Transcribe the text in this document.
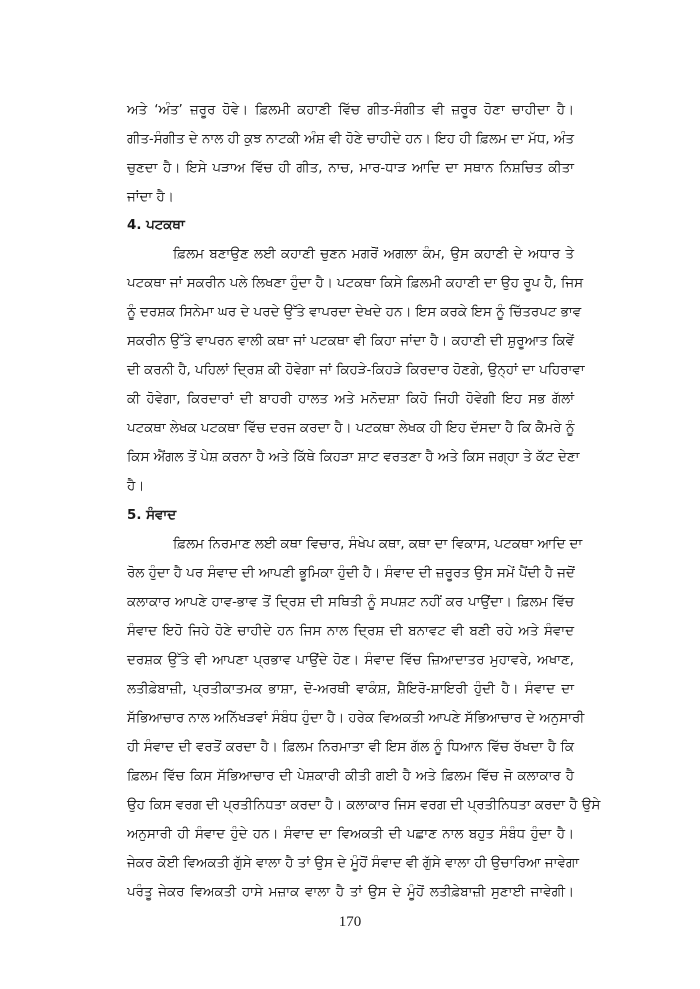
ਅਤੇ ‘ਅੰਤ’ ਜ਼ਰੂਰ ਹੋਵੇ। ਫ਼ਿਲਮੀ ਕਹਾਣੀ ਵਿੱਚ ਗੀਤ-ਸੰਗੀਤ ਵੀ ਜ਼ਰੂਰ ਹੋਣਾ ਚਾਹੀਦਾ ਹੈ।
ਗੀਤ-ਸੰਗੀਤ ਦੇ ਨਾਲ ਹੀ ਕੁਝ ਨਾਟਕੀ ਅੰਸ਼ ਵੀ ਹੋਣੇ ਚਾਹੀਦੇ ਹਨ। ਇਹ ਹੀ ਫ਼ਿਲਮ ਦਾ ਮੱਧ, ਅੰਤ
ਚੁਣਦਾ ਹੈ। ਇਸੇ ਪੜਾਅ ਵਿੱਚ ਹੀ ਗੀਤ, ਨਾਚ, ਮਾਰ-ਧਾੜ ਆਦਿ ਦਾ ਸਥਾਨ ਨਿਸ਼ਚਿਤ ਕੀਤਾ
ਜਾਂਦਾ ਹੈ।
4. ਪਟਕਥਾ
ਫ਼ਿਲਮ ਬਣਾਉਣ ਲਈ ਕਹਾਣੀ ਚੁਣਨ ਮਗਰੋਂ ਅਗਲਾ ਕੰਮ, ਉਸ ਕਹਾਣੀ ਦੇ ਅਧਾਰ ਤੇ
ਪਟਕਥਾ ਜਾਂ ਸਕਰੀਨ ਪਲੇ ਲਿਖਣਾ ਹੁੰਦਾ ਹੈ। ਪਟਕਥਾ ਕਿਸੇ ਫ਼ਿਲਮੀ ਕਹਾਣੀ ਦਾ ਉਹ ਰੂਪ ਹੈ, ਜਿਸ
ਨੂੰ ਦਰਸ਼ਕ ਸਿਨੇਮਾ ਘਰ ਦੇ ਪਰਦੇ ਉੱਤੇ ਵਾਪਰਦਾ ਦੇਖਦੇ ਹਨ। ਇਸ ਕਰਕੇ ਇਸ ਨੂੰ ਚਿੱਤਰਪਟ ਭਾਵ
ਸਕਰੀਨ ਉੱਤੇ ਵਾਪਰਨ ਵਾਲੀ ਕਥਾ ਜਾਂ ਪਟਕਥਾ ਵੀ ਕਿਹਾ ਜਾਂਦਾ ਹੈ। ਕਹਾਣੀ ਦੀ ਸ਼ੁਰੂਆਤ ਕਿਵੇਂ
ਦੀ ਕਰਨੀ ਹੈ, ਪਹਿਲਾਂ ਦ੍ਰਿਸ਼ ਕੀ ਹੋਵੇਗਾ ਜਾਂ ਕਿਹੜੇ-ਕਿਹੜੇ ਕਿਰਦਾਰ ਹੋਣਗੇ, ਉਨ੍ਹਾਂ ਦਾ ਪਹਿਰਾਵਾ
ਕੀ ਹੋਵੇਗਾ, ਕਿਰਦਾਰਾਂ ਦੀ ਬਾਹਰੀ ਹਾਲਤ ਅਤੇ ਮਨੋਦਸ਼ਾ ਕਿਹੋ ਜਿਹੀ ਹੋਵੇਗੀ ਇਹ ਸਭ ਗੱਲਾਂ
ਪਟਕਥਾ ਲੇਖਕ ਪਟਕਥਾ ਵਿੱਚ ਦਰਜ ਕਰਦਾ ਹੈ। ਪਟਕਥਾ ਲੇਖਕ ਹੀ ਇਹ ਦੱਸਦਾ ਹੈ ਕਿ ਕੈਮਰੇ ਨੂੰ
ਕਿਸ ਐਂਗਲ ਤੋਂ ਪੇਸ਼ ਕਰਨਾ ਹੈ ਅਤੇ ਕਿੱਥੇ ਕਿਹੜਾ ਸ਼ਾਟ ਵਰਤਣਾ ਹੈ ਅਤੇ ਕਿਸ ਜਗ੍ਹਾ ਤੇ ਕੱਟ ਦੇਣਾ
ਹੈ।
5. ਸੰਵਾਦ
ਫ਼ਿਲਮ ਨਿਰਮਾਣ ਲਈ ਕਥਾ ਵਿਚਾਰ, ਸੰਖੇਪ ਕਥਾ, ਕਥਾ ਦਾ ਵਿਕਾਸ, ਪਟਕਥਾ ਆਦਿ ਦਾ
ਰੋਲ ਹੁੰਦਾ ਹੈ ਪਰ ਸੰਵਾਦ ਦੀ ਆਪਣੀ ਭੂਮਿਕਾ ਹੁੰਦੀ ਹੈ। ਸੰਵਾਦ ਦੀ ਜ਼ਰੂਰਤ ਉਸ ਸਮੇਂ ਪੈਂਦੀ ਹੈ ਜਦੋਂ
ਕਲਾਕਾਰ ਆਪਣੇ ਹਾਵ-ਭਾਵ ਤੋਂ ਦ੍ਰਿਸ਼ ਦੀ ਸਥਿਤੀ ਨੂੰ ਸਪਸ਼ਟ ਨਹੀਂ ਕਰ ਪਾਉਂਦਾ। ਫ਼ਿਲਮ ਵਿੱਚ
ਸੰਵਾਦ ਇਹੋ ਜਿਹੇ ਹੋਣੇ ਚਾਹੀਦੇ ਹਨ ਜਿਸ ਨਾਲ ਦ੍ਰਿਸ਼ ਦੀ ਬਨਾਵਟ ਵੀ ਬਣੀ ਰਹੇ ਅਤੇ ਸੰਵਾਦ
ਦਰਸ਼ਕ ਉੱਤੇ ਵੀ ਆਪਣਾ ਪ੍ਰਭਾਵ ਪਾਉਂਦੇ ਹੋਣ। ਸੰਵਾਦ ਵਿੱਚ ਜ਼ਿਆਦਾਤਰ ਮੁਹਾਵਰੇ, ਅਖਾਣ,
ਲਤੀਫ਼ੇਬਾਜ਼ੀ, ਪ੍ਰਤੀਕਾਤਮਕ ਭਾਸ਼ਾ, ਦੋ-ਅਰਥੀ ਵਾਕੰਸ਼, ਸ਼ੈਇਰੋ-ਸ਼ਾਇਰੀ ਹੁੰਦੀ ਹੈ। ਸੰਵਾਦ ਦਾ
ਸੱਭਿਆਚਾਰ ਨਾਲ ਅਨਿੱਖੜਵਾਂ ਸੰਬੰਧ ਹੁੰਦਾ ਹੈ। ਹਰੇਕ ਵਿਅਕਤੀ ਆਪਣੇ ਸੱਭਿਆਚਾਰ ਦੇ ਅਨੁਸਾਰੀ
ਹੀ ਸੰਵਾਦ ਦੀ ਵਰਤੋਂ ਕਰਦਾ ਹੈ। ਫ਼ਿਲਮ ਨਿਰਮਾਤਾ ਵੀ ਇਸ ਗੱਲ ਨੂੰ ਧਿਆਨ ਵਿੱਚ ਰੱਖਦਾ ਹੈ ਕਿ
ਫ਼ਿਲਮ ਵਿੱਚ ਕਿਸ ਸੱਭਿਆਚਾਰ ਦੀ ਪੇਸ਼ਕਾਰੀ ਕੀਤੀ ਗਈ ਹੈ ਅਤੇ ਫ਼ਿਲਮ ਵਿੱਚ ਜੋ ਕਲਾਕਾਰ ਹੈ
ਉਹ ਕਿਸ ਵਰਗ ਦੀ ਪ੍ਰਤੀਨਿਧਤਾ ਕਰਦਾ ਹੈ। ਕਲਾਕਾਰ ਜਿਸ ਵਰਗ ਦੀ ਪ੍ਰਤੀਨਿਧਤਾ ਕਰਦਾ ਹੈ ਉਸੇ
ਅਨੁਸਾਰੀ ਹੀ ਸੰਵਾਦ ਹੁੰਦੇ ਹਨ। ਸੰਵਾਦ ਦਾ ਵਿਅਕਤੀ ਦੀ ਪਛਾਣ ਨਾਲ ਬਹੁਤ ਸੰਬੰਧ ਹੁੰਦਾ ਹੈ।
ਜੇਕਰ ਕੋਈ ਵਿਅਕਤੀ ਗੁੱਸੇ ਵਾਲਾ ਹੈ ਤਾਂ ਉਸ ਦੇ ਮੂੰਹੋਂ ਸੰਵਾਦ ਵੀ ਗੁੱਸੇ ਵਾਲਾ ਹੀ ਉਚਾਰਿਆ ਜਾਵੇਗਾ
ਪਰੰਤੂ ਜੇਕਰ ਵਿਅਕਤੀ ਹਾਸੇ ਮਜ਼ਾਕ ਵਾਲਾ ਹੈ ਤਾਂ ਉਸ ਦੇ ਮੂੰਹੋਂ ਲਤੀਫ਼ੇਬਾਜ਼ੀ ਸੁਣਾਈ ਜਾਵੇਗੀ।
170
